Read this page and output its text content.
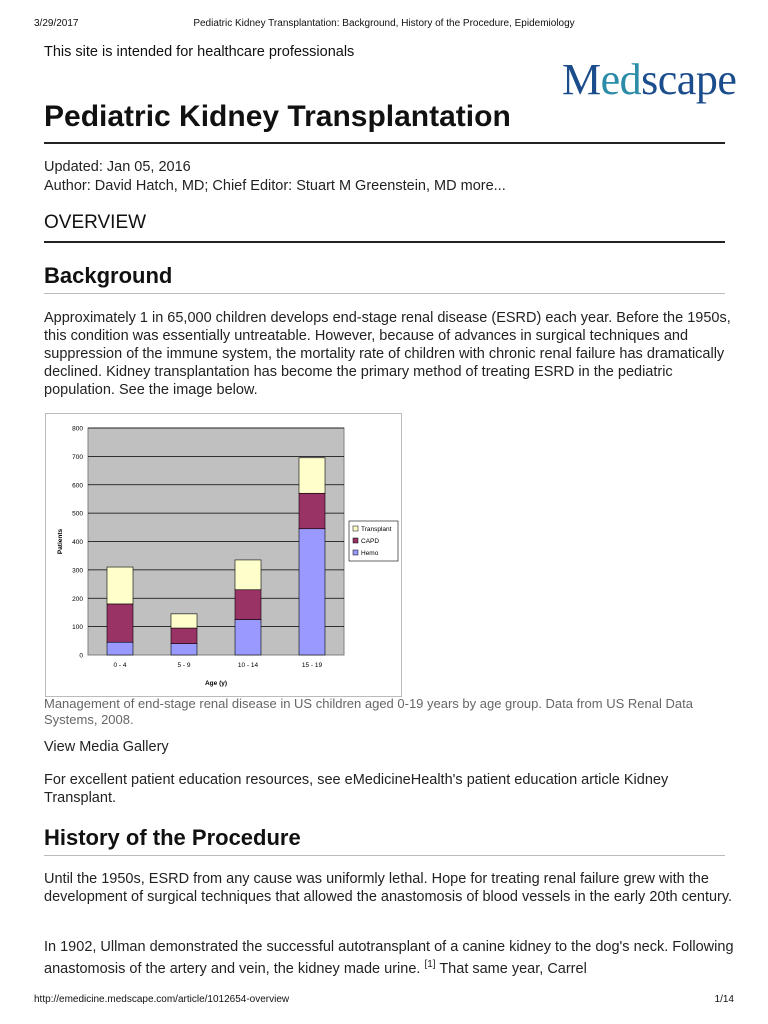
3/29/2017	Pediatric Kidney Transplantation: Background, History of the Procedure, Epidemiology
This site is intended for healthcare professionals
Medscape
Pediatric Kidney Transplantation
Updated: Jan 05, 2016
Author: David Hatch, MD; Chief Editor: Stuart M Greenstein, MD more...
OVERVIEW
Background
Approximately 1 in 65,000 children develops end-stage renal disease (ESRD) each year. Before the 1950s, this condition was essentially untreatable. However, because of advances in surgical techniques and suppression of the immune system, the mortality rate of children with chronic renal failure has dramatically declined. Kidney transplantation has become the primary method of treating ESRD in the pediatric population. See the image below.
0
100
200
300
400
500
600
700
800
0 - 4	5 - 9	10 - 14	15 - 19
Age (y)
Patients	Transplant
CAPD
Hemo
Management of end-stage renal disease in US children aged 0-19 years by age group. Data from US Renal Data Systems, 2008.
View Media Gallery
For excellent patient education resources, see eMedicineHealth's patient education article Kidney Transplant.
History of the Procedure
Until the 1950s, ESRD from any cause was uniformly lethal. Hope for treating renal failure grew with the development of surgical techniques that allowed the anastomosis of blood vessels in the early 20th century.
In 1902, Ullman demonstrated the successful autotransplant of a canine kidney to the dog's neck. Following anastomosis of the artery and vein, the kidney made urine. [1] That same year, Carrel
http://emedicine.medscape.com/article/1012654-overview	1/14
